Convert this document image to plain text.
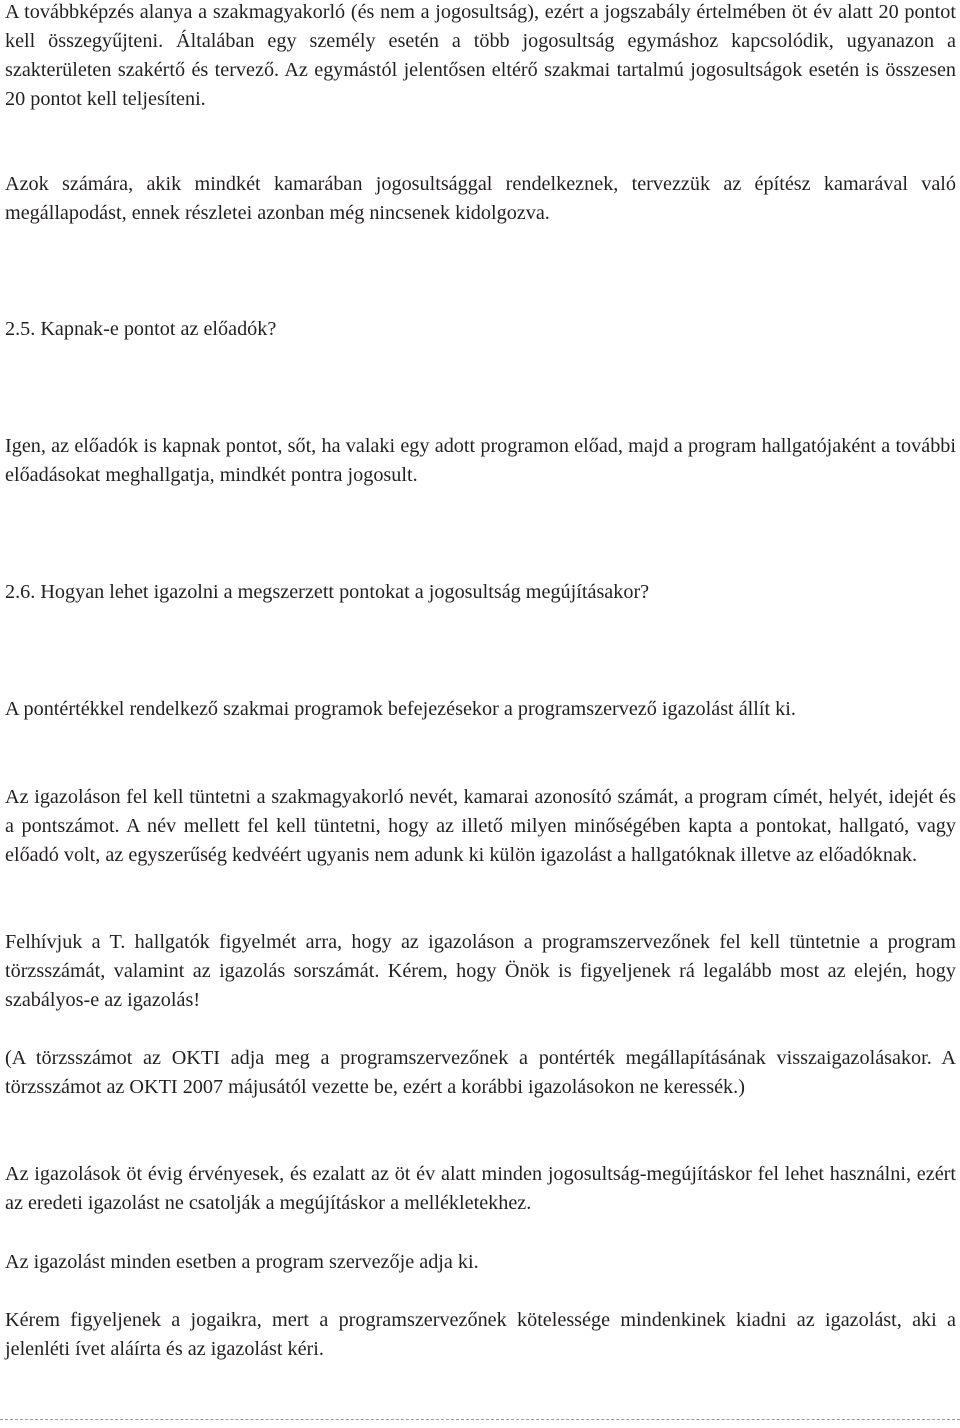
A továbbképzés alanya a szakmagyakorló (és nem a jogosultság), ezért a jogszabály értelmében öt év alatt 20 pontot kell összegyűjteni. Általában egy személy esetén a több jogosultság egymáshoz kapcsolódik, ugyanazon a szakterületen szakértő és tervező. Az egymástól jelentősen eltérő szakmai tartalmú jogosultságok esetén is összesen 20 pontot kell teljesíteni.

Azok számára, akik mindkét kamarában jogosultsággal rendelkeznek, tervezzük az építész kamarával való megállapodást, ennek részletei azonban még nincsenek kidolgozva.

2.5. Kapnak-e pontot az előadók?

Igen, az előadók is kapnak pontot, sőt, ha valaki egy adott programon előad, majd a program hallgatójaként a további előadásokat meghallgatja, mindkét pontra jogosult.

2.6. Hogyan lehet igazolni a megszerzett pontokat a jogosultság megújításakor?

A pontértékkel rendelkező szakmai programok befejezésekor a programszervező igazolást állít ki.

Az igazoláson fel kell tüntetni a szakmagyakorló nevét, kamarai azonosító számát, a program címét, helyét, idejét és a pontszámot. A név mellett fel kell tüntetni, hogy az illető milyen minőségében kapta a pontokat, hallgató, vagy előadó volt, az egyszerűség kedvéért ugyanis nem adunk ki külön igazolást a hallgatóknak illetve az előadóknak.

Felhívjuk a T. hallgatók figyelmét arra, hogy az igazoláson a programszervezőnek fel kell tüntetnie a program törzsszámát, valamint az igazolás sorszámát. Kérem, hogy Önök is figyeljenek rá legalább most az elején, hogy szabályos-e az igazolás!

(A törzsszámot az OKTI adja meg a programszervezőnek a pontérték megállapításának visszaigazolásakor. A törzsszámot az OKTI 2007 májusától vezette be, ezért a korábbi igazolásokon ne keressék.)

Az igazolások öt évig érvényesek, és ezalatt az öt év alatt minden jogosultság-megújításkor fel lehet használni, ezért az eredeti igazolást ne csatolják a megújításkor a mellékletekhez.

Az igazolást minden esetben a program szervezője adja ki.

Kérem figyeljenek a jogaikra, mert a programszervezőnek kötelessége mindenkinek kiadni az igazolást, aki a jelenléti ívet aláírta és az igazolást kéri.
